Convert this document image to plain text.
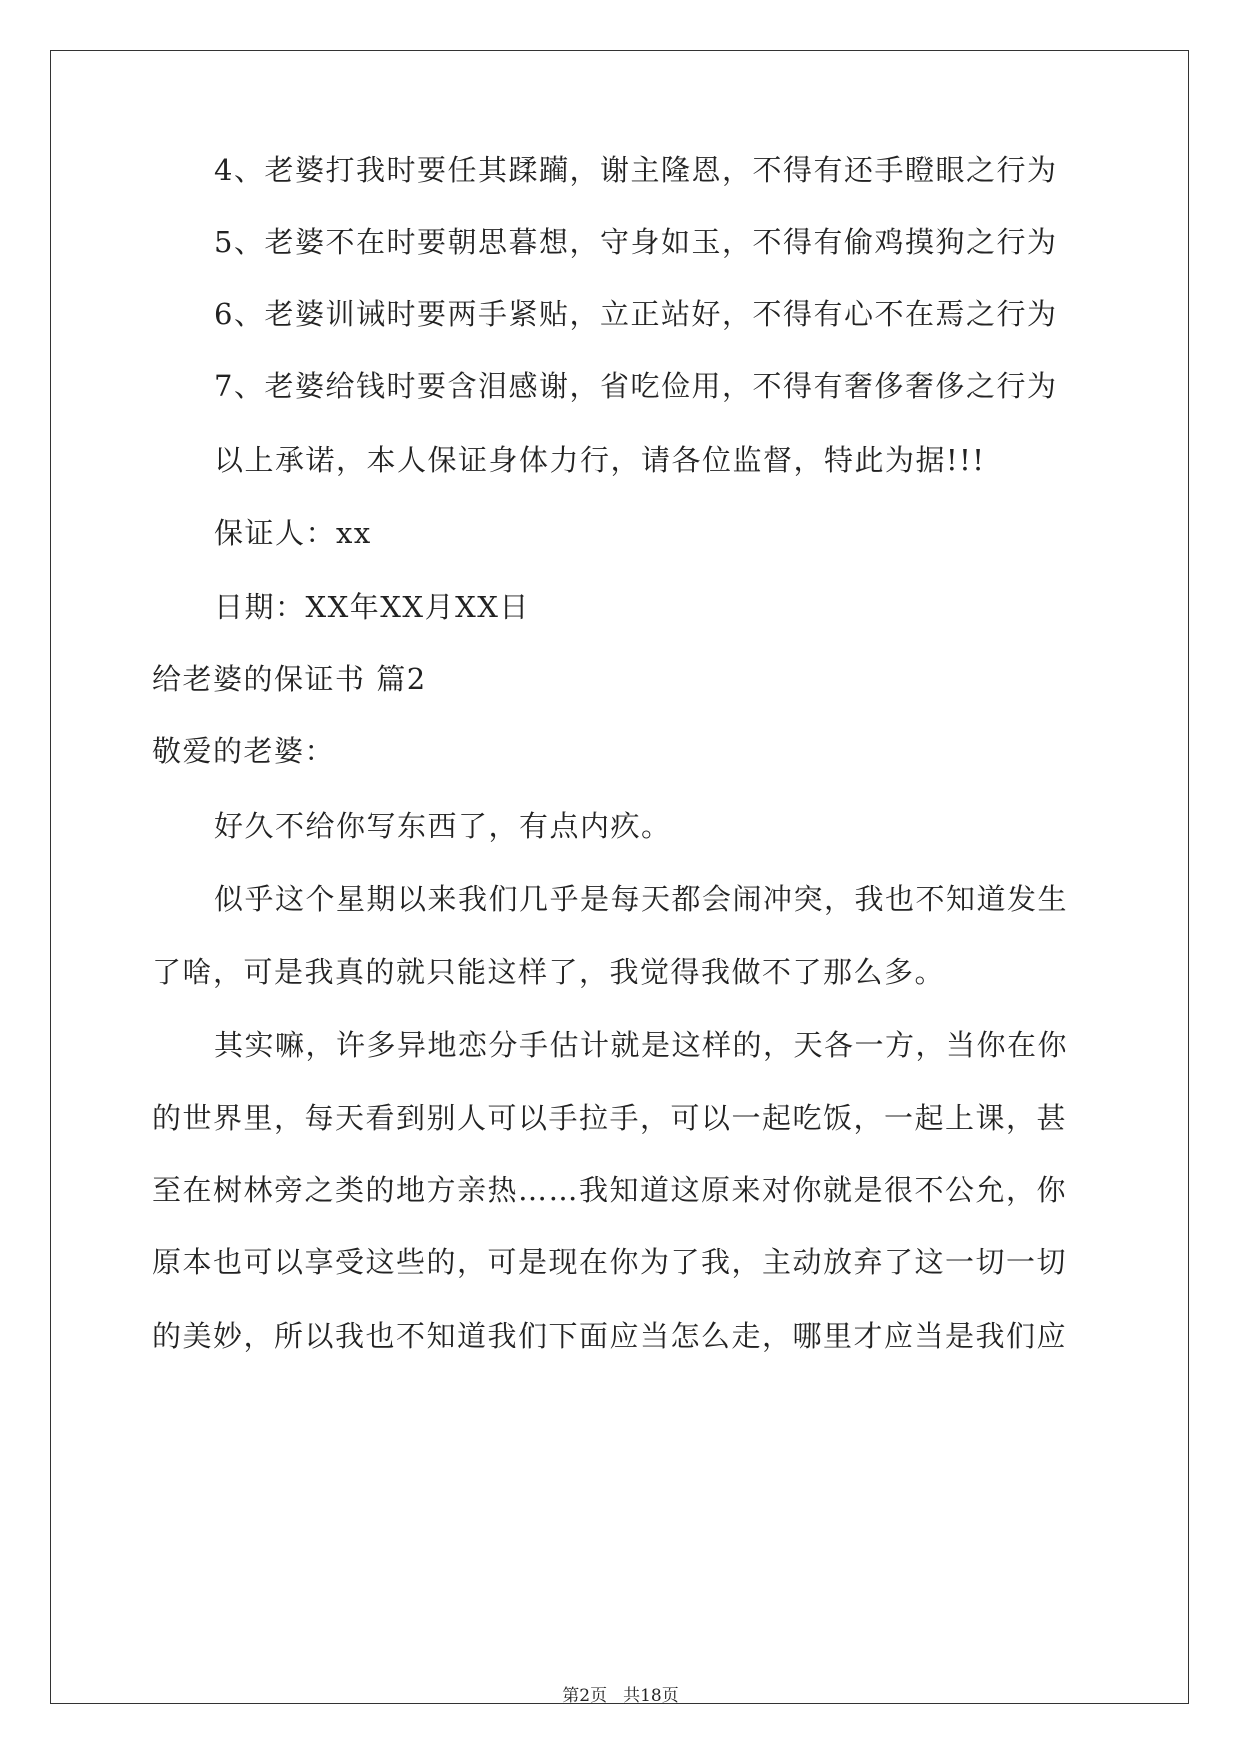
4、老婆打我时要任其蹂躏，谢主隆恩，不得有还手瞪眼之行为
5、老婆不在时要朝思暮想，守身如玉，不得有偷鸡摸狗之行为
6、老婆训诫时要两手紧贴，立正站好，不得有心不在焉之行为
7、老婆给钱时要含泪感谢，省吃俭用，不得有奢侈奢侈之行为
以上承诺，本人保证身体力行，请各位监督，特此为据!!!
保证人：xx
日期：XX年XX月XX日
给老婆的保证书 篇2
敬爱的老婆：
好久不给你写东西了，有点内疚。
似乎这个星期以来我们几乎是每天都会闹冲突，我也不知道发生
了啥，可是我真的就只能这样了，我觉得我做不了那么多。
其实嘛，许多异地恋分手估计就是这样的，天各一方，当你在你
的世界里，每天看到别人可以手拉手，可以一起吃饭，一起上课，甚
至在树林旁之类的地方亲热……我知道这原来对你就是很不公允，你
原本也可以享受这些的，可是现在你为了我，主动放弃了这一切一切
的美妙，所以我也不知道我们下面应当怎么走，哪里才应当是我们应
第2页 共18页
